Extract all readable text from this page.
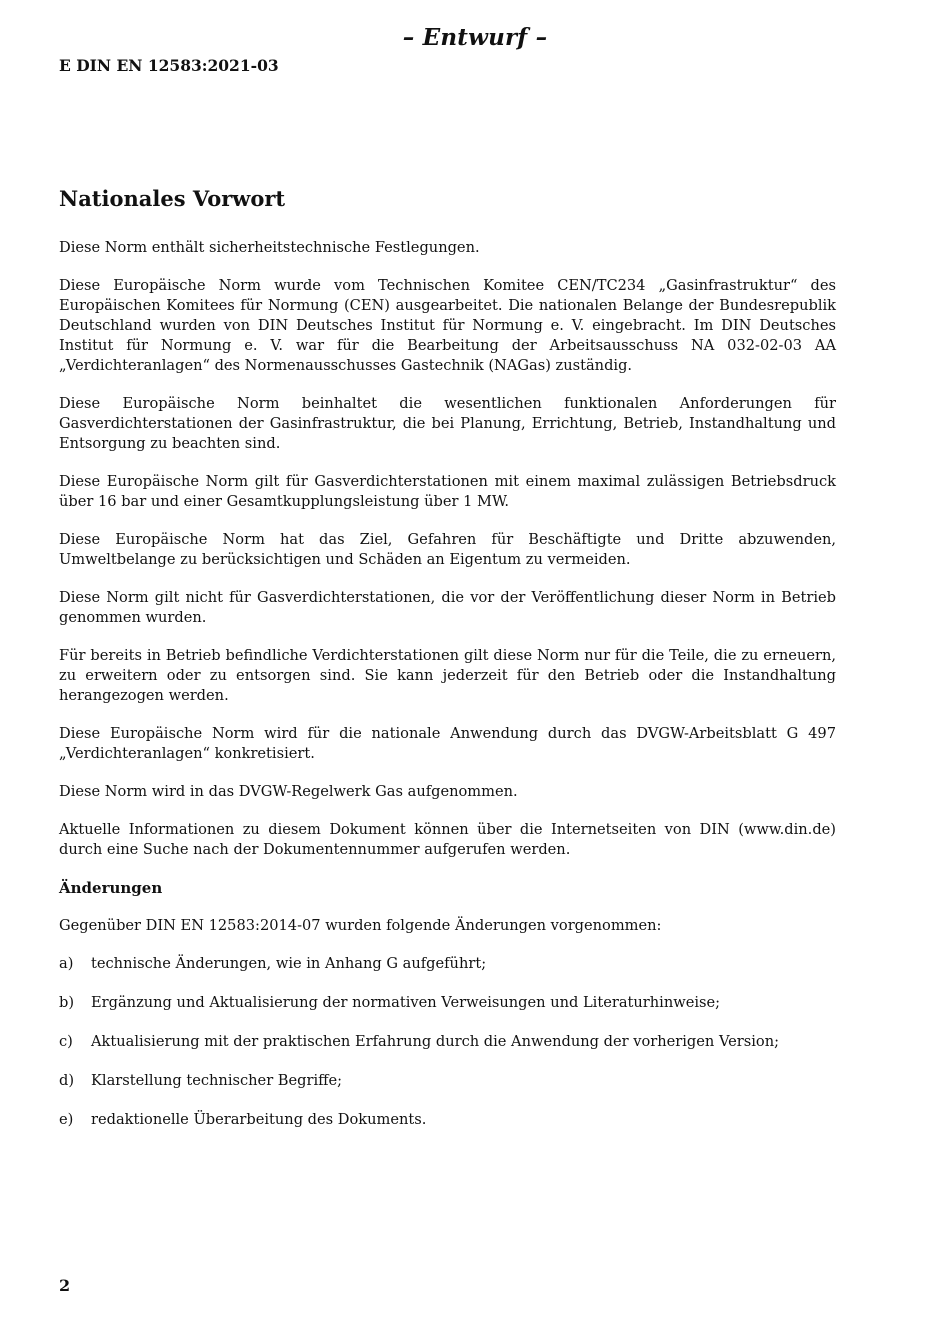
– Entwurf –
E DIN EN 12583:2021-03
Nationales Vorwort

Diese Norm enthält sicherheitstechnische Festlegungen.

Diese Europäische Norm wurde vom Technischen Komitee CEN/TC234 „Gasinfrastruktur“ des Europäischen Komitees für Normung (CEN) ausgearbeitet. Die nationalen Belange der Bundesrepublik Deutschland wurden von DIN Deutsches Institut für Normung e. V. eingebracht. Im DIN Deutsches Institut für Normung e. V. war für die Bearbeitung der Arbeitsausschuss NA 032-02-03 AA „Verdichteranlagen“ des Normenausschusses Gastechnik (NAGas) zuständig.

Diese Europäische Norm beinhaltet die wesentlichen funktionalen Anforderungen für Gasverdichterstationen der Gasinfrastruktur, die bei Planung, Errichtung, Betrieb, Instandhaltung und Entsorgung zu beachten sind.

Diese Europäische Norm gilt für Gasverdichterstationen mit einem maximal zulässigen Betriebsdruck über 16 bar und einer Gesamtkupplungsleistung über 1 MW.

Diese Europäische Norm hat das Ziel, Gefahren für Beschäftigte und Dritte abzuwenden, Umweltbelange zu berücksichtigen und Schäden an Eigentum zu vermeiden.

Diese Norm gilt nicht für Gasverdichterstationen, die vor der Veröffentlichung dieser Norm in Betrieb genommen wurden.

Für bereits in Betrieb befindliche Verdichterstationen gilt diese Norm nur für die Teile, die zu erneuern, zu erweitern oder zu entsorgen sind. Sie kann jederzeit für den Betrieb oder die Instandhaltung herangezogen werden.

Diese Europäische Norm wird für die nationale Anwendung durch das DVGW-Arbeitsblatt G 497 „Verdichteranlagen“ konkretisiert.

Diese Norm wird in das DVGW-Regelwerk Gas aufgenommen.

Aktuelle Informationen zu diesem Dokument können über die Internetseiten von DIN (www.din.de) durch eine Suche nach der Dokumentennummer aufgerufen werden.

Änderungen

Gegenüber DIN EN 12583:2014-07 wurden folgende Änderungen vorgenommen:

a)	technische Änderungen, wie in Anhang G aufgeführt;
b)	Ergänzung und Aktualisierung der normativen Verweisungen und Literaturhinweise;
c)	Aktualisierung mit der praktischen Erfahrung durch die Anwendung der vorherigen Version;
d)	Klarstellung technischer Begriffe;
e)	redaktionelle Überarbeitung des Dokuments.
2
